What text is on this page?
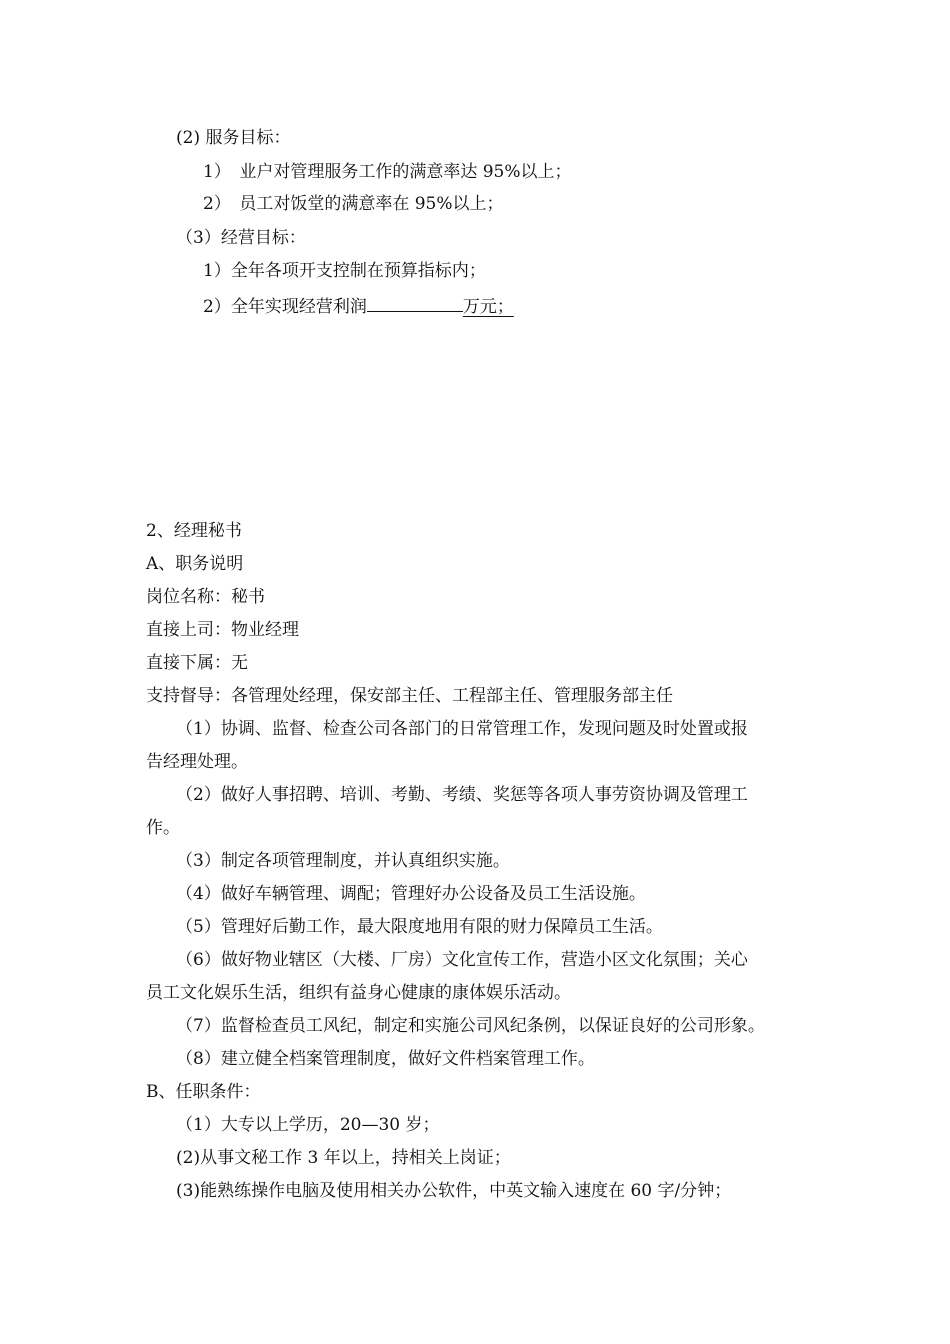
(2) 服务目标：
1）　业户对管理服务工作的满意率达 95%以上；
2）　员工对饭堂的满意率在 95%以上；
（3）经营目标：
1）全年各项开支控制在预算指标内；
2）全年实现经营利润	万元；
2、经理秘书
A、职务说明
岗位名称：秘书
直接上司：物业经理
直接下属：无
支持督导：各管理处经理，保安部主任、工程部主任、管理服务部主任
（1）协调、监督、检查公司各部门的日常管理工作，发现问题及时处置或报
告经理处理。
（2）做好人事招聘、培训、考勤、考绩、奖惩等各项人事劳资协调及管理工
作。
（3）制定各项管理制度，并认真组织实施。
（4）做好车辆管理、调配；管理好办公设备及员工生活设施。
（5）管理好后勤工作，最大限度地用有限的财力保障员工生活。
（6）做好物业辖区（大楼、厂房）文化宣传工作，营造小区文化氛围；关心
员工文化娱乐生活，组织有益身心健康的康体娱乐活动。
（7）监督检查员工风纪，制定和实施公司风纪条例，以保证良好的公司形象。
（8）建立健全档案管理制度，做好文件档案管理工作。
B、任职条件：
（1）大专以上学历，20—30 岁；
(2)从事文秘工作 3 年以上，持相关上岗证；
(3)能熟练操作电脑及使用相关办公软件，中英文输入速度在 60 字/分钟；
